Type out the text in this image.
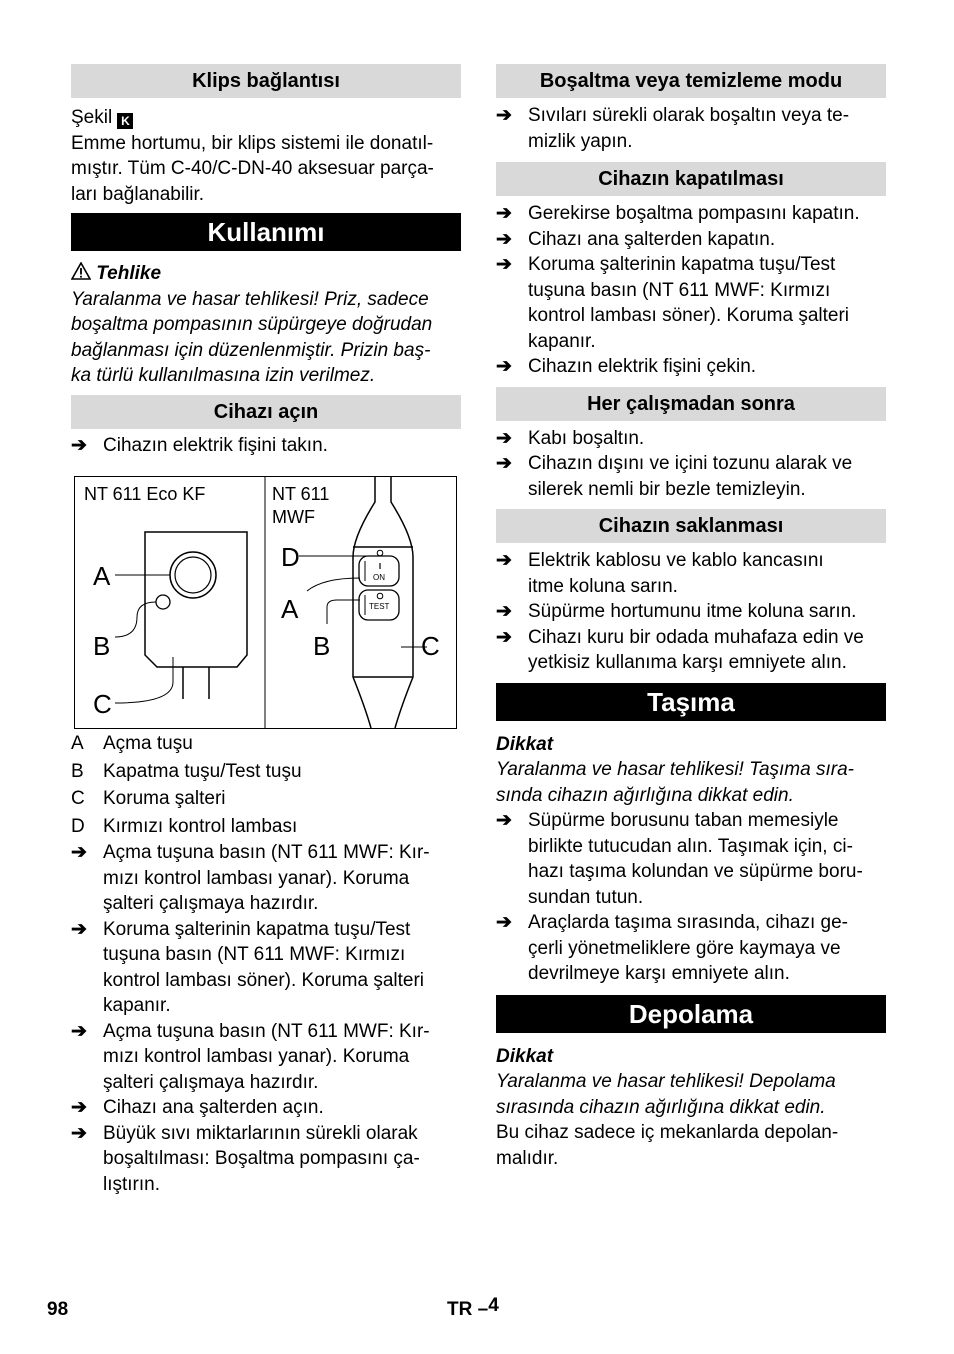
Klips bağlantısı

Şekil K

Emme hortumu, bir klips sistemi ile donatıl-

mıştır. Tüm C-40/C-DN-40 aksesuar parça-

ları bağlanabilir.

Kullanımı

Tehlike

Yaralanma ve hasar tehlikesi! Priz, sadece

boşaltma pompasının süpürgeye doğrudan

bağlanması için düzenlenmiştir. Prizin baş-

ka türlü kullanılmasına izin verilmez.

Cihazı açın
➔ Cihazın elektrik fişini takın.
NT 611 Eco KF	NT 611
MWF
A
B
C
ON
TEST
D
A
B	C
A	Açma tuşu
B	Kapatma tuşu/Test tuşu
C Koruma şalteri
D Kırmızı kontrol lambası
➔ Açma tuşuna basın (NT 611 MWF: Kır-
mızı kontrol lambası yanar). Koruma
şalteri çalışmaya hazırdır.
➔ Koruma şalterinin kapatma tuşu/Test
tuşuna basın (NT 611 MWF: Kırmızı
kontrol lambası söner). Koruma şalteri
kapanır.
➔ Açma tuşuna basın (NT 611 MWF: Kır-
mızı kontrol lambası yanar). Koruma
şalteri çalışmaya hazırdır.
➔ Cihazı ana şalterden açın.
➔ Büyük sıvı miktarlarının sürekli olarak
boşaltılması: Boşaltma pompasını ça-
lıştırın.
Boşaltma veya temizleme modu
➔ Sıvıları sürekli olarak boşaltın veya te-
mizlik yapın.
Cihazın kapatılması
➔ Gerekirse boşaltma pompasını kapatın.
➔ Cihazı ana şalterden kapatın.
➔ Koruma şalterinin kapatma tuşu/Test
tuşuna basın (NT 611 MWF: Kırmızı
kontrol lambası söner). Koruma şalteri
kapanır.
➔ Cihazın elektrik fişini çekin.
Her çalışmadan sonra
➔ Kabı boşaltın.
➔ Cihazın dışını ve içini tozunu alarak ve
silerek nemli bir bezle temizleyin.
Cihazın saklanması
➔ Elektrik kablosu ve kablo kancasını
itme koluna sarın.
➔ Süpürme hortumunu itme koluna sarın.
➔ Cihazı kuru bir odada muhafaza edin ve
yetkisiz kullanıma karşı emniyete alın.
Taşıma

Dikkat

Yaralanma ve hasar tehlikesi! Taşıma sıra-

sında cihazın ağırlığına dikkat edin.

➔ Süpürme borusunu taban memesiyle
birlikte tutucudan alın. Taşımak için, ci-
hazı taşıma kolundan ve süpürme boru-
sundan tutun.
➔ Araçlarda taşıma sırasında, cihazı ge-
çerli yönetmeliklere göre kaymaya ve
devrilmeye karşı emniyete alın.
Depolama

Dikkat

Yaralanma ve hasar tehlikesi! Depolama

sırasında cihazın ağırlığına dikkat edin.

Bu cihaz sadece iç mekanlarda depolan-

malıdır.

98	TR –4
